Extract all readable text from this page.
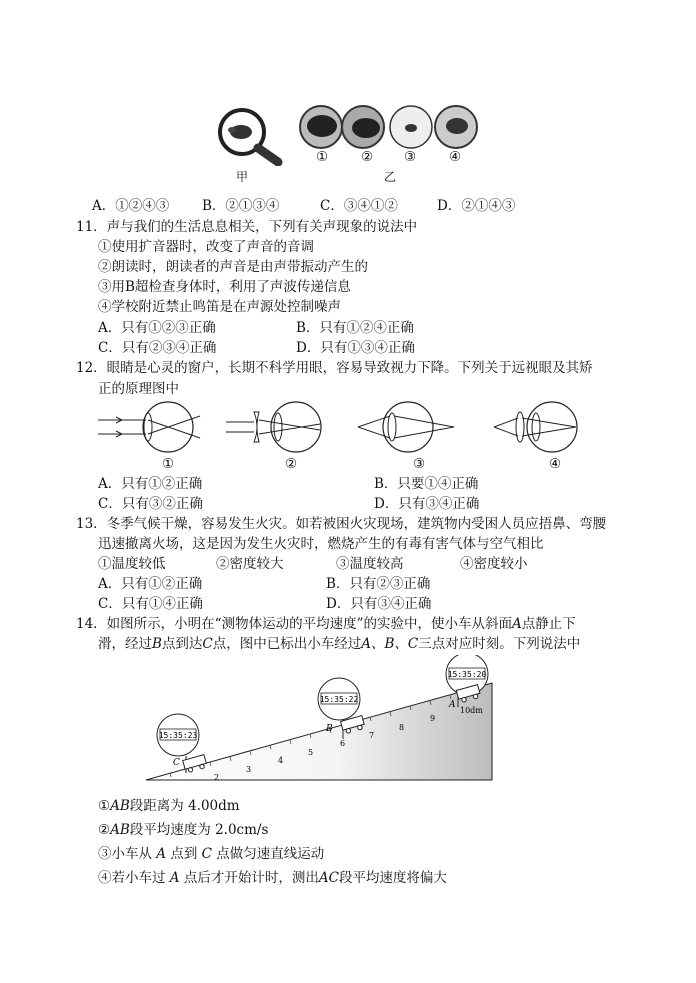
① ② ③ ④
甲	乙
A．①②④③ B．②①③④	C．③④①②	D．②①④③
11．声与我们的生活息息相关，下列有关声现象的说法中
①使用扩音器时，改变了声音的音调
②朗读时，朗读者的声音是由声带振动产生的
③用B超检查身体时，利用了声波传递信息
④学校附近禁止鸣笛是在声源处控制噪声
A．只有①②③正确	B．只有①②④正确
C．只有②③④正确	D．只有①③④正确
12．眼睛是心灵的窗户，长期不科学用眼，容易导致视力下降。下列关于远视眼及其矫
正的原理图中
①	②	③	④
A．只有①②正确	B．只要①④正确
C．只有③②正确	D．只有③④正确
13．冬季气候干燥，容易发生火灾。如若被困火灾现场，建筑物内受困人员应捂鼻、弯腰
迅速撤离火场，这是因为发生火灾时，燃烧产生的有毒有害气体与空气相比
①温度较低	②密度较大	③温度较高	④密度较小
A．只有①②正确	B．只有②③正确
C．只有①④正确	D．只有③④正确
14．如图所示，小明在“测物体运动的平均速度”的实验中，使小车从斜面A点静止下
滑，经过B点到达C点，图中已标出小车经过A、B、C三点对应时刻。下列说法中
15:35:23
15:35:22
15:35:20
C
B
A
2
3
4
5
6
7
8
9
10dm
①AB段距离为 4.00dm
②AB段平均速度为 2.0cm/s
③小车从 A 点到 C 点做匀速直线运动
④若小车过 A 点后才开始计时，测出AC段平均速度将偏大
